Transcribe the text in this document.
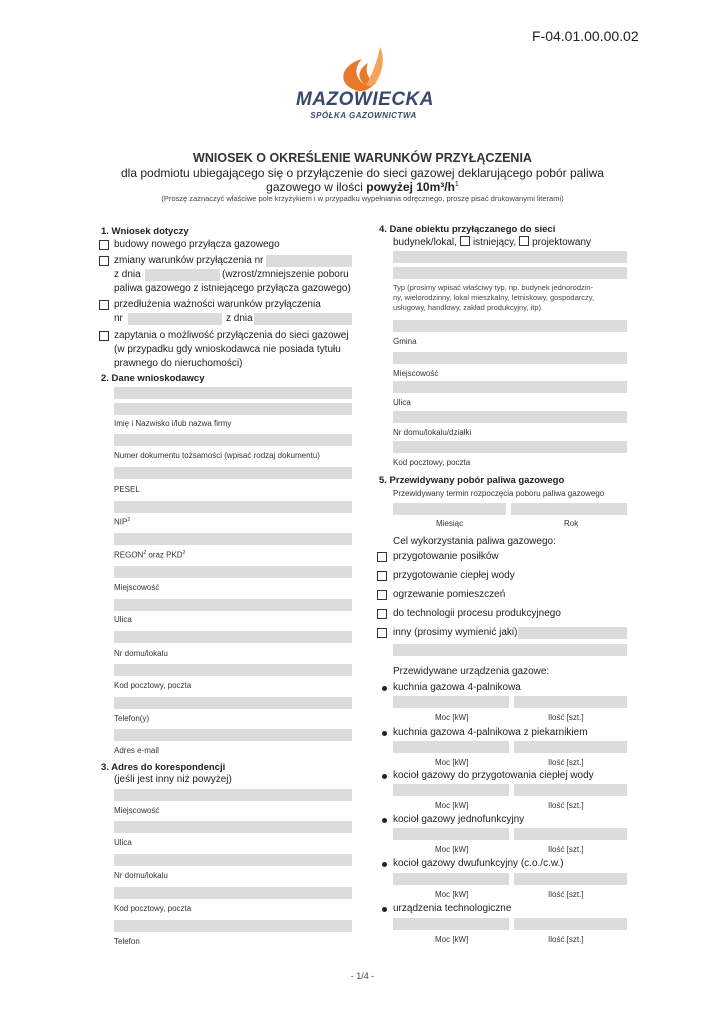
F-04.01.00.00.02
MAZOWIECKA
SPÓŁKA GAZOWNICTWA
WNIOSEK O OKREŚLENIE WARUNKÓW PRZYŁĄCZENIA
dla podmiotu ubiegającego się o przyłączenie do sieci gazowej deklarującego pobór paliwa
gazowego w ilości powyżej $10m^3/h^1$
(Proszę zaznaczyć właściwe pole krzyżykiem i w przypadku wypełniania odręcznego, proszę pisać drukowanymi literami)
1. Wniosek dotyczy
budowy nowego przyłącza gazowego
zmiany warunków przyłączenia nr
z dnia	(wzrost/zmniejszenie poboru
paliwa gazowego z istniejącego przyłącza gazowego)
przedłużenia ważności warunków przyłączenia
nr	z dnia
zapytania o możliwość przyłączenia do sieci gazowej
(w przypadku gdy wnioskodawca nie posiada tytułu
prawnego do nieruchomości)
2. Dane wnioskodawcy
Imię i Nazwisko i/lub nazwa firmy
Numer dokumentu tożsamości (wpisać rodzaj dokumentu)
PESEL
NIP$^2$
REGON$^2$ oraz PKD$^2$
Miejscowość
Ulica
Nr domu/lokalu
Kod pocztowy, poczta
Telefon(y)
Adres e-mail
3. Adres do korespondencji
(jeśli jest inny niż powyżej)
Miejscowość
Ulica
Nr domu/lokalu
Kod pocztowy, poczta
Telefon
4. Dane obiektu przyłączanego do sieci
budynek/lokal, istniejący, projektowany
Typ (prosimy wpisać właściwy typ, np. budynek jednorodzin-
ny, wielorodzinny, lokal mieszkalny, letniskowy, gospodarczy,
usługowy, handlowy, zakład produkcyjny, itp).
Gmina
Miejscowość
Ulica
Nr domu/lokalu/działki
Kod pocztowy, poczta
5. Przewidywany pobór paliwa gazowego
Przewidywany termin rozpoczęcia poboru paliwa gazowego
Miesiąc	Rok
Cel wykorzystania paliwa gazowego:
przygotowanie posiłków
przygotowanie ciepłej wody
ogrzewanie pomieszczeń
do technologii procesu produkcyjnego
inny (prosimy wymienić jaki)
Przewidywane urządzenia gazowe:
kuchnia gazowa 4-palnikowa
Moc [kW]	Ilość [szt.]
kuchnia gazowa 4-palnikowa z piekarnikiem
Moc [kW]	Ilość [szt.]
kocioł gazowy do przygotowania ciepłej wody
Moc [kW]	Ilość [szt.]
kocioł gazowy jednofunkcyjny
Moc [kW]	Ilość [szt.]
kocioł gazowy dwufunkcyjny (c.o./c.w.)
Moc [kW]	Ilość [szt.]
urządzenia technologiczne
Moc [kW]	Ilość [szt.]
- 1/4 -
